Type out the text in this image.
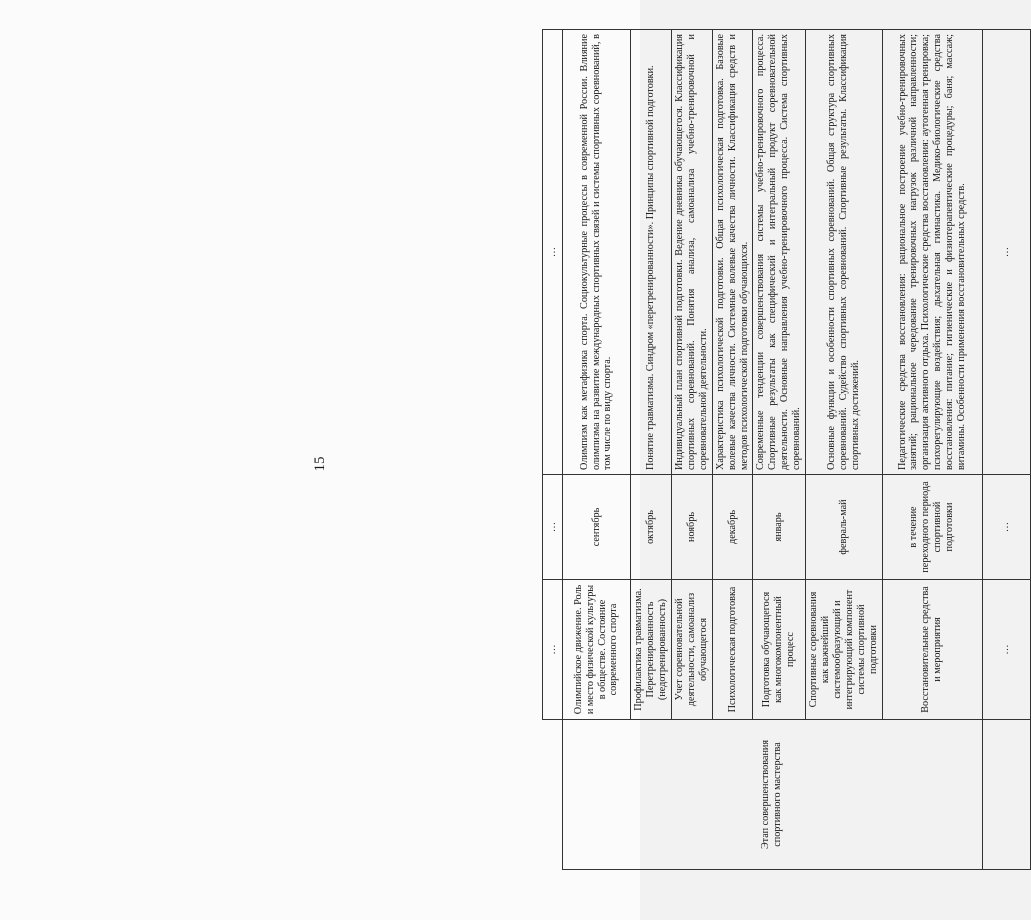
15
	…	…	…
Этап совершенствования спортивного мастерства	Олимпийское движение. Роль и место физической культуры в обществе. Состояние современного спорта	сентябрь	Олимпизм как метафизика спорта. Социокультурные процессы в современной России. Влияние олимпизма на развитие международных спортивных связей и системы спортивных соревнований, в том числе по виду спорта.
	Профилактика травматизма. Перетренированность (недотренированность)	октябрь	Понятие травматизма. Синдром «перетренированности». Принципы спортивной подготовки.
	Учет соревновательной деятельности, самоанализ обучающегося	ноябрь	Индивидуальный план спортивной подготовки. Ведение дневника обучающегося. Классификация спортивных соревнований. Понятия анализа, самоанализа учебно-тренировочной и соревновательной деятельности.
	Психологическая подготовка	декабрь	Характеристика психологической подготовки. Общая психологическая подготовка. Базовые волевые качества личности. Системные волевые качества личности. Классификация средств и методов психологической подготовки обучающихся.
	Подготовка обучающегося как многокомпонентный процесс	январь	Современные тенденции совершенствования системы учебно-тренировочного процесса. Спортивные результаты как специфический и интегральный продукт соревновательной деятельности. Основные направления учебно-тренировочного процесса. Система спортивных соревнований.
	Спортивные соревнования как важнейший системообразующий и интегрирующий компонент системы спортивной подготовки	февраль-май	Основные функции и особенности спортивных соревнований. Общая структура спортивных соревнований. Судейство спортивных соревнований. Спортивные результаты. Классификация спортивных достижений.
	Восстановительные средства и мероприятия	в течение переходного периода спортивной подготовки	Педагогические средства восстановления: рациональное построение учебно-тренировочных занятий; рациональное чередование тренировочных нагрузок различной направленности; организация активного отдыха. Психологические средства восстановления: аутогенная тренировка; психорегулирующие воздействия; дыхательная гимнастика. Медико-биологические средства восстановления: питание; гигиенические и физиотерапевтические процедуры; баня; массаж; витамины. Особенности применения восстановительных средств.
	…	…	…
